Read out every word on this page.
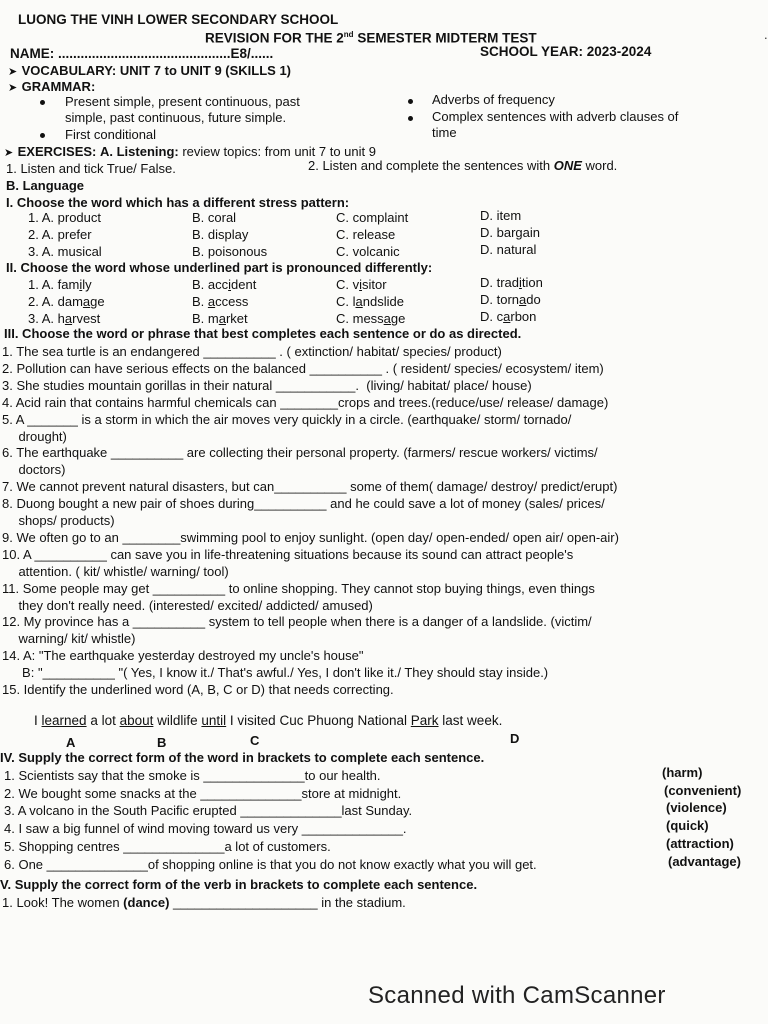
LUONG THE VINH LOWER SECONDARY SCHOOL
REVISION FOR THE 2nd SEMESTER MIDTERM TEST
NAME: ..............................................E8/......	SCHOOL YEAR: 2023-2024
➤ VOCABULARY: UNIT 7 to UNIT 9 (SKILLS 1)
➤ GRAMMAR:
Present simple, present continuous, past
simple, past continuous, future simple.
First conditional
Adverbs of frequency
Complex sentences with adverb clauses of
time
➤ EXERCISES: A. Listening: review topics: from unit 7 to unit 9
1. Listen and tick True/ False.	2. Listen and complete the sentences with ONE word.
B. Language
I. Choose the word which has a different stress pattern:
1. A. product	B. coral	C. complaint	D. item
2. A. prefer	B. display	C. release	D. bargain
3. A. musical	B. poisonous	C. volcanic	D. natural
II. Choose the word whose underlined part is pronounced differently:
1. A. family	B. accident	C. visitor	D. tradition
2. A. damage	B. access	C. landslide	D. tornado
3. A. harvest	B. market	C. message	D. carbon
III. Choose the word or phrase that best completes each sentence or do as directed.
1. The sea turtle is an endangered __________ . ( extinction/ habitat/ species/ product)
2. Pollution can have serious effects on the balanced __________ . ( resident/ species/ ecosystem/ item)
3. She studies mountain gorillas in their natural ___________.  (living/ habitat/ place/ house)
4. Acid rain that contains harmful chemicals can ________crops and trees.(reduce/use/ release/ damage)
5. A _______ is a storm in which the air moves very quickly in a circle. (earthquake/ storm/ tornado/
drought)
6. The earthquake __________ are collecting their personal property. (farmers/ rescue workers/ victims/
doctors)
7. We cannot prevent natural disasters, but can__________ some of them( damage/ destroy/ predict/erupt)
8. Duong bought a new pair of shoes during__________ and he could save a lot of money (sales/ prices/
shops/ products)
9. We often go to an ________swimming pool to enjoy sunlight. (open day/ open-ended/ open air/ open-air)
10. A __________ can save you in life-threatening situations because its sound can attract people's
attention. ( kit/ whistle/ warning/ tool)
11. Some people may get __________ to online shopping. They cannot stop buying things, even things
they don't really need. (interested/ excited/ addicted/ amused)
12. My province has a __________ system to tell people when there is a danger of a landslide. (victim/
warning/ kit/ whistle)
14. A: "The earthquake yesterday destroyed my uncle's house"
B: "__________ "( Yes, I know it./ That's awful./ Yes, I don't like it./ They should stay inside.)
15. Identify the underlined word (A, B, C or D) that needs correcting.
I learned a lot about wildlife until I visited Cuc Phuong National Park last week.
A	B	C	D
IV. Supply the correct form of the word in brackets to complete each sentence.
1. Scientists say that the smoke is ______________to our health.	(harm)
2. We bought some snacks at the ______________store at midnight.	(convenient)
3. A volcano in the South Pacific erupted ______________last Sunday.	(violence)
4. I saw a big funnel of wind moving toward us very ______________.	(quick)
5. Shopping centres ______________a lot of customers.	(attraction)
6. One ______________of shopping online is that you do not know exactly what you will get.	(advantage)
V. Supply the correct form of the verb in brackets to complete each sentence.
1. Look! The women (dance) ____________________ in the stadium.
·
Scanned with CamScanner
